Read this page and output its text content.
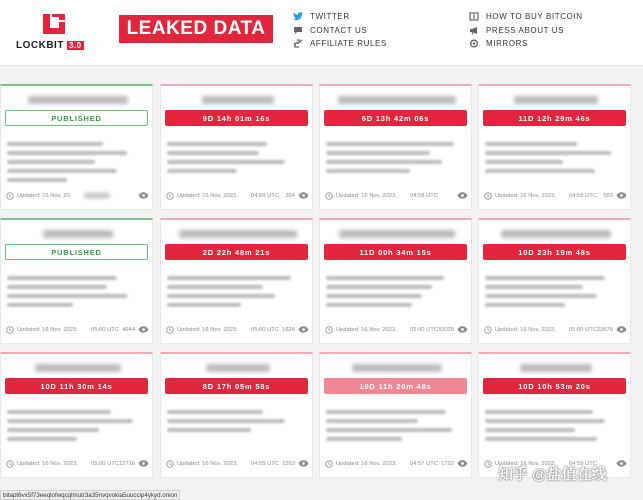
LOCKBIT 3.0
LEAKED DATA
TWITTER
CONTACT US
AFFILIATE RULES
HOW TO BUY BITCOIN
PRESS ABOUT US
MIRRORS
PUBLISHED
Updated: 16 Nov, 20
9D 14h 01m 16s
Updated: 16 Nov, 2023, 04:59 UTC 264
6D 13h 42m 06s
Updated: 16 Nov, 2023, 04:58 UTC
11D 12h 29m 46s
Updated: 16 Nov, 2023, 04:58 UTC 593
PUBLISHED
Updated: 16 Nov, 2023, 05:00 UTC 4644
2D 22h 48m 21s
Updated: 16 Nov, 2023, 05:00 UTC 1626
11D 00h 34m 15s
Updated: 16 Nov, 2023, 05:00 UTC 33039
10D 23h 19m 48s
Updated: 16 Nov, 2023, 05:00 UTC 23676
10D 11h 30m 14s
Updated: 16 Nov, 2023, 05:00 UTC 12716
8D 17h 05m 58s
Updated: 16 Nov, 2023, 04:55 UTC 1553
10D 11h 20m 48s
Updated: 16 Nov, 2023, 04:57 UTC 1722
10D 10h 53m 20s
Updated: 16 Nov, 2023, 04:59 UTC
bitapt6vx5f73eeqlofwqcqlmutr3a35nvqvokia5uuccip4ykyd.onion
知乎 @盐值在线
